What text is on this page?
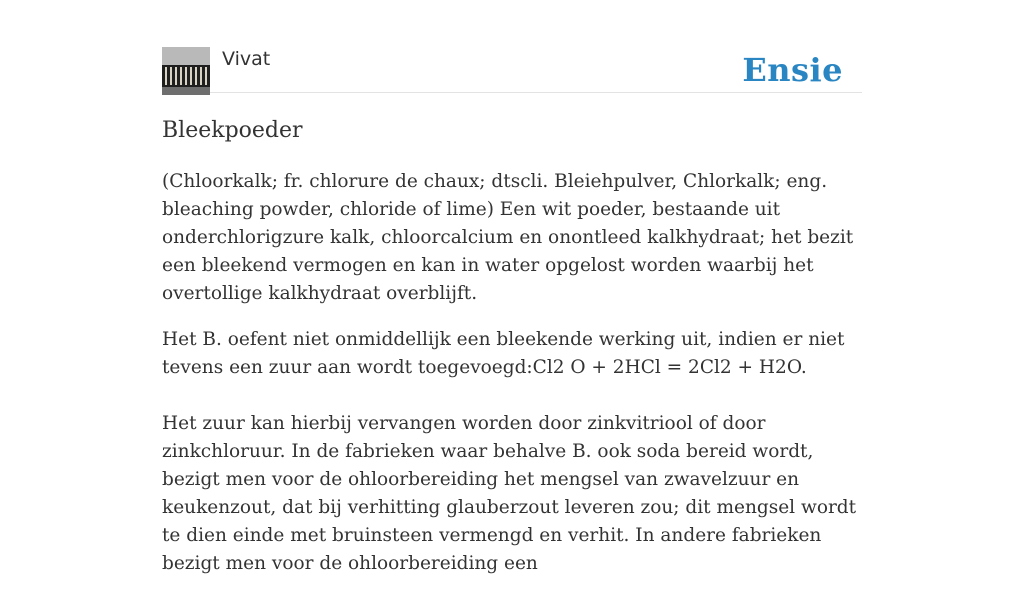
Vivat	Ensie
Bleekpoeder

(Chloorkalk; fr. chlorure de chaux; dtscli. Bleiehpulver, Chlorkalk; eng. bleaching powder, chloride of lime) Een wit poeder, bestaande uit onderchlorigzure kalk, chloorcalcium en onontleed kalkhydraat; het bezit een bleekend vermogen en kan in water opgelost worden waarbij het overtollige kalkhydraat overblijft.

Het B. oefent niet onmiddellijk een bleekende werking uit, indien er niet tevens een zuur aan wordt toegevoegd:Cl2 O + 2HCl = 2Cl2 + H2O.

Het zuur kan hierbij vervangen worden door zinkvitriool of door zinkchloruur. In de fabrieken waar behalve B. ook soda bereid wordt, bezigt men voor de ohloorbereiding het mengsel van zwavelzuur en keukenzout, dat bij verhitting glauberzout leveren zou; dit mengsel wordt te dien einde met bruinsteen vermengd en verhit. In andere fabrieken bezigt men voor de ohloorbereiding een
